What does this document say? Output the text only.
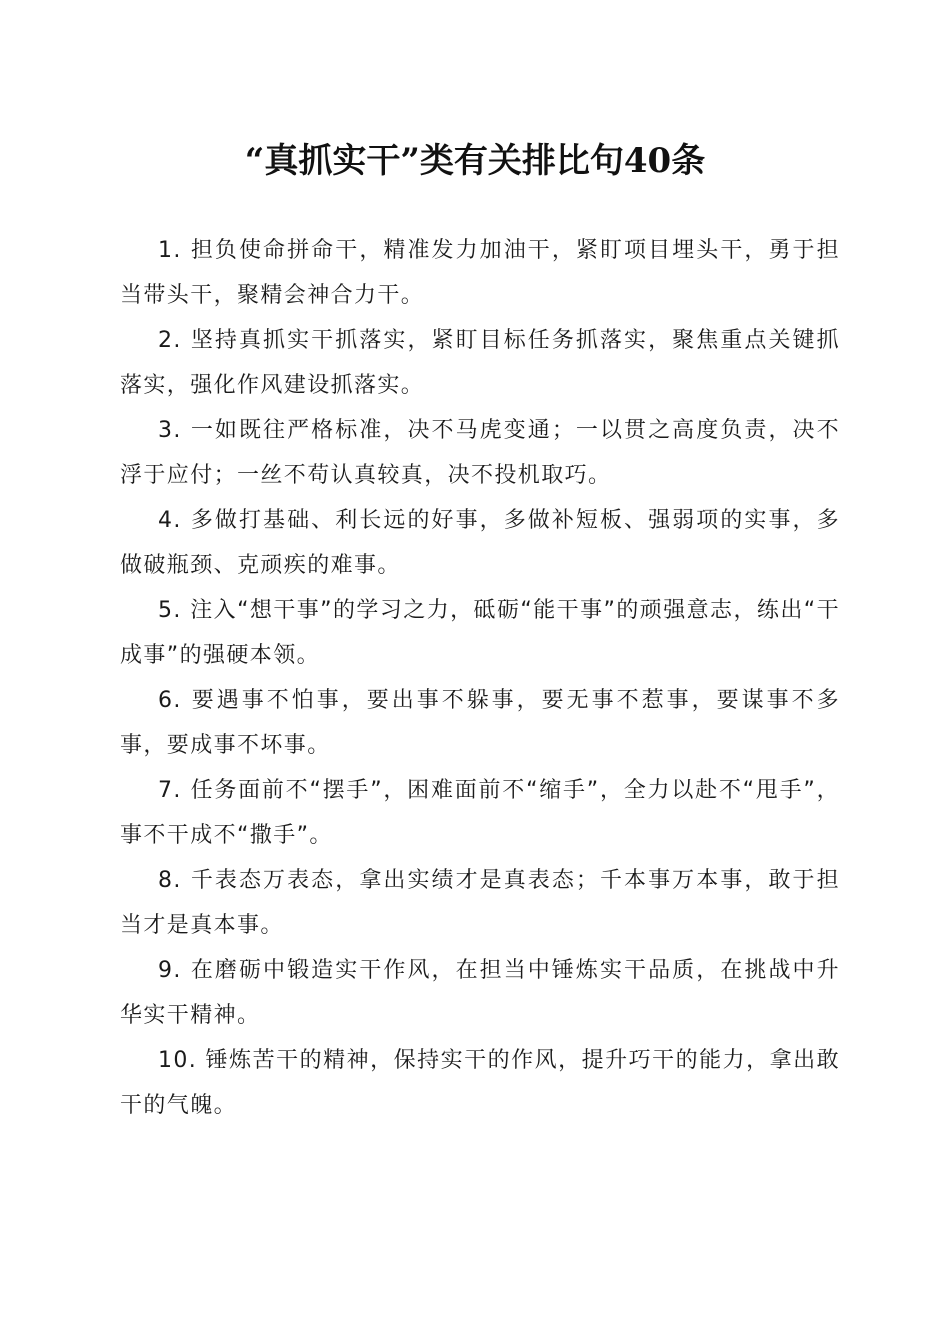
“真抓实干”类有关排比句40条

1. 担负使命拼命干，精准发力加油干，紧盯项目埋头干，勇于担当带头干，聚精会神合力干。

2. 坚持真抓实干抓落实，紧盯目标任务抓落实，聚焦重点关键抓落实，强化作风建设抓落实。

3. 一如既往严格标准，决不马虎变通；一以贯之高度负责，决不浮于应付；一丝不苟认真较真，决不投机取巧。

4. 多做打基础、利长远的好事，多做补短板、强弱项的实事，多做破瓶颈、克顽疾的难事。

5. 注入“想干事”的学习之力，砥砺“能干事”的顽强意志，练出“干成事”的强硬本领。

6. 要遇事不怕事，要出事不躲事，要无事不惹事，要谋事不多事，要成事不坏事。

7. 任务面前不“摆手”，困难面前不“缩手”，全力以赴不“甩手”，事不干成不“撒手”。

8. 千表态万表态，拿出实绩才是真表态；千本事万本事，敢于担当才是真本事。

9. 在磨砺中锻造实干作风，在担当中锤炼实干品质，在挑战中升华实干精神。

10. 锤炼苦干的精神，保持实干的作风，提升巧干的能力，拿出敢干的气魄。
